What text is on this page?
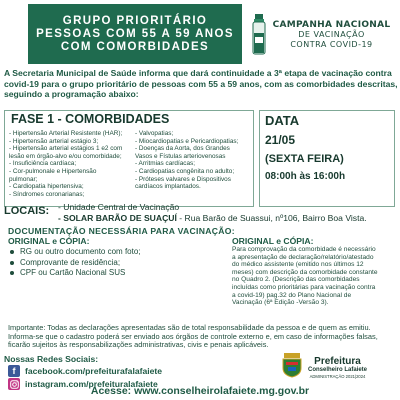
GRUPO PRIORITÁRIO
PESSOAS COM 55 A 59 ANOS
COM COMORBIDADES
CAMPANHA NACIONAL
DE VACINAÇÃO
CONTRA COVID-19

A Secretaria Municipal de Saúde informa que dará continuidade a 3ª etapa de vacinação contra covid-19 para o grupo prioritário de pessoas com 55 a 59 anos, com as comorbidades descritas, seguindo a programação abaixo:

FASE 1 - COMORBIDADES
- Hipertensão Arterial Resistente (HAR);
- Hipertensão arterial estágio 3;
- Hipertensão arterial estágios 1 e2 com
lesão em órgão-alvo e/ou comorbidade;
- Insuficiência cardíaca;
- Cor-pulmonale e Hipertensão
pulmonar;
- Cardiopatia hipertensiva;
- Síndromes coronarianas;
- Valvopatias;
- Miocardiopatias e Pericardiopatias;
- Doenças da Aorta, dos Grandes
Vasos e Fístulas arteriovenosas
- Arritmias cardíacas;
- Cardiopatias congênita no adulto;
- Próteses valvares e Dispositivos
cardíacos implantados.
DATA
21/05
(SEXTA FEIRA)
08:00h às 16:00h
LOCAIS: - Unidade Central de Vacinação
- SOLAR BARÃO DE SUAÇUÍ - Rua Barão de Suassui, nº106, Bairro Boa Vista.
DOCUMENTAÇÃO NECESSÁRIA PARA VACINAÇÃO:
ORIGINAL e CÓPIA:
RG ou outro documento com foto;
Comprovante de residência;
CPF ou Cartão Nacional SUS
ORIGINAL e CÓPIA:
Para comprovação da comorbidade é necessário a apresentação de declaração/relatório/atestado do médico assistente (emitido nos últimos 12 meses) com descrição da comorbidade constante no Quadro 2. (Descrição das comorbidades incluídas como prioritárias para vacinação contra a covid-19) pag.32 do Plano Nacional de Vacinação (6ª Edição -Versão 3).
Importante: Todas as declarações apresentadas são de total responsabilidade da pessoa e de quem as emitiu. Informa-se que o cadastro poderá ser enviado aos órgãos de controle externo e, em caso de informações falsas, ficarão sujeitos às responsabilizações administrativas, civis e penais aplicáveis.
Nossas Redes Sociais:
f	facebook.com/prefeiturafalafaiete
instagram.com/prefeituralafaiete
Prefeitura
Conselheiro Lafaiete
ADMINISTRAÇÃO 2021|2024
Acesse: www.conselheirolafaiete.mg.gov.br
